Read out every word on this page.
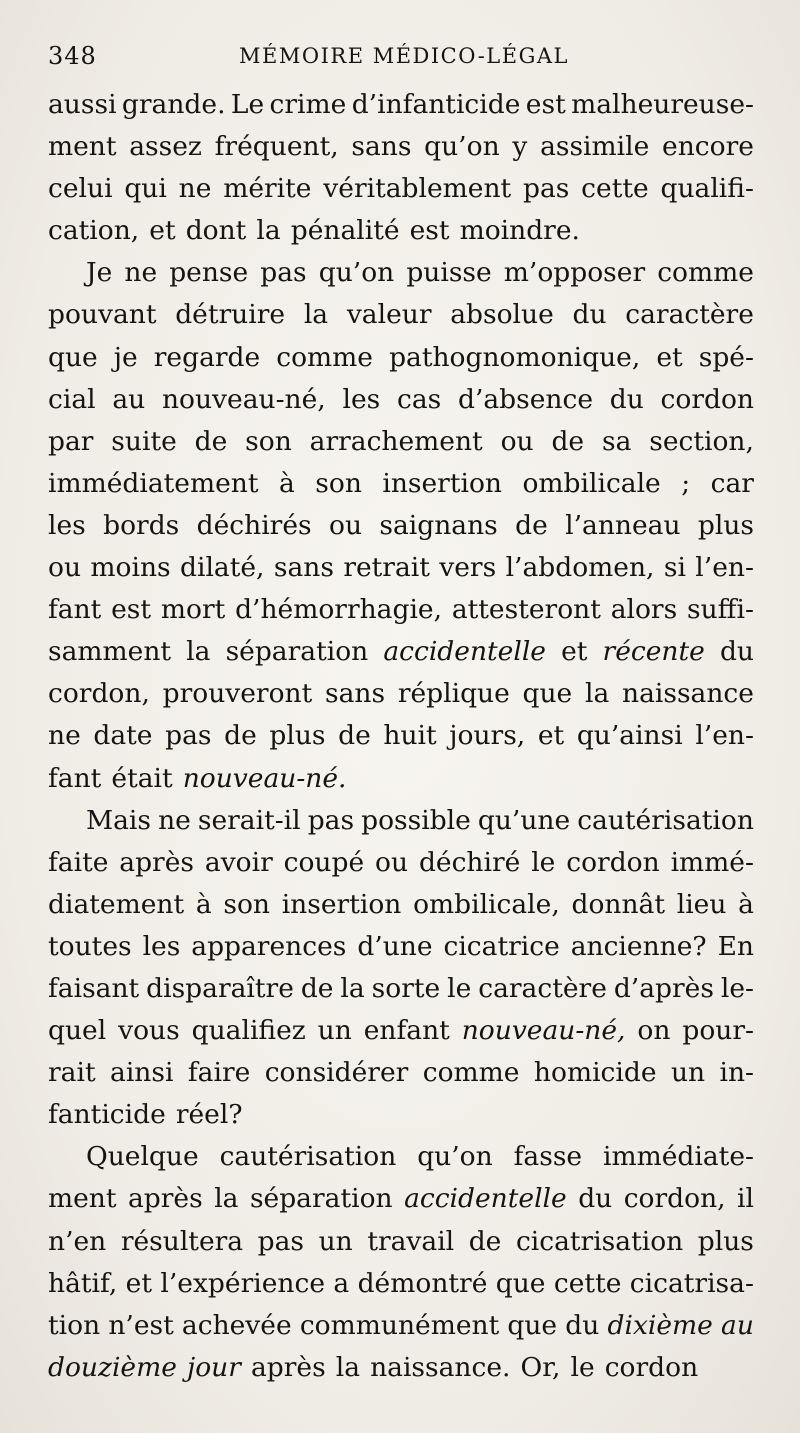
348	MÉMOIRE MÉDICO-LÉGAL
aussi grande. Le crime d’infanticide est malheureuse-
ment assez fréquent, sans qu’on y assimile encore
celui qui ne mérite véritablement pas cette qualifi-
cation, et dont la pénalité est moindre.
Je ne pense pas qu’on puisse m’opposer comme
pouvant détruire la valeur absolue du caractère
que je regarde comme pathognomonique, et spé-
cial au nouveau-né, les cas d’absence du cordon
par suite de son arrachement ou de sa section,
immédiatement à son insertion ombilicale ; car
les bords déchirés ou saignans de l’anneau plus
ou moins dilaté, sans retrait vers l’abdomen, si l’en-
fant est mort d’hémorrhagie, attesteront alors suffi-
samment la séparation accidentelle et récente du
cordon, prouveront sans réplique que la naissance
ne date pas de plus de huit jours, et qu’ainsi l’en-
fant était nouveau-né.
Mais ne serait-il pas possible qu’une cautérisation
faite après avoir coupé ou déchiré le cordon immé-
diatement à son insertion ombilicale, donnât lieu à
toutes les apparences d’une cicatrice ancienne? En
faisant disparaître de la sorte le caractère d’après le-
quel vous qualifiez un enfant nouveau-né, on pour-
rait ainsi faire considérer comme homicide un in-
fanticide réel?
Quelque cautérisation qu’on fasse immédiate-
ment après la séparation accidentelle du cordon, il
n’en résultera pas un travail de cicatrisation plus
hâtif, et l’expérience a démontré que cette cicatrisa-
tion n’est achevée communément que du dixième au
douzième jour après la naissance. Or, le cordon
